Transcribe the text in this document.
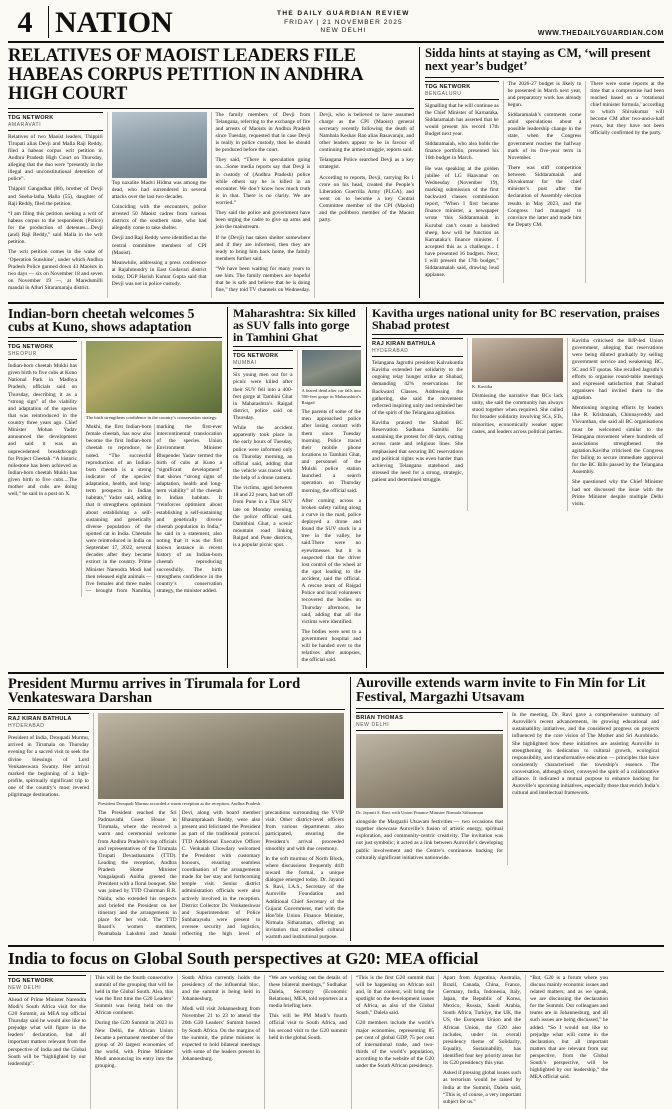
4 NATION	THE DAILY GUARDIAN REVIEW
FRIDAY | 21 NOVEMBER 2025
NEW DELHI	WWW.THEDAILYGUARDIAN.COM
RELATIVES OF MAOIST LEADERS FILE HABEAS CORPUS PETITION IN ANDHRA HIGH COURT
TDG NETWORK
AMARAVATI

Relatives of two Maoist leaders, Thippiri Tirupati alias Devji and Malla Raji Reddy, filed a habeas corpus writ petition in Andhra Pradesh High Court on Thursday, alleging that the duo were “presently in the illegal and unconstitutional detention of police”.

Thippiri Gangadhar (88), brother of Devji and Sneha-latha Malla (55), daughter of Raji Reddy, filed the petition.

“I am filing this petition seeking a writ of habeas corpus to the respondents (Police) for the production of detenues....Devji (and) Raji Reddy,” said Malla in the writ petition.

The writ petition comes in the wake of ‘Operation Sunshine’, under which Andhra Pradesh Police gunned down 43 Maoists in two days — six on November 18 and seven on November 19 —, at Maredumilli mandal in Alluri Sitaramaraju district.

Top naxalite Madvi Hidma was among the dead, who had surrendered in several attacks over the last two decades.

Coinciding with the encounters, police arrested 50 Maoist cadres from various districts of the southern state, who had allegedly come to take shelter.

Devji and Raji Reddy were identified as the central committee members of CPI (Maoist).

Meanwhile, addressing a press conference at Rajahmundry in East Godavari district today, DGP Harish Kumar Gupta said that Devji was not in police custody.

The family members of Devji from Telangana, referring to the exchange of fire and arrests of Maoists in Andhra Pradesh since Tuesday, requested that in case Devji is really in police custody, then he should be produced before the court.

They said, “There is speculation going on....Some media reports say that Devji is in custody of (Andhra Pradesh) police while others say he is killed in an encounter. We don’t know how much truth is in that. There is no clarity. We are worried.”

They said the police and government have been urging the cadre to give up arms and join the mainstream.

If he (Devji) has taken shelter somewhere and if they are informed, then they are ready to bring him back home, the family members further said.

“We have been waiting for many years to see him. The family members are hopeful that he is safe and believe that he is doing fine,” they told TV channels on Wednesday.

Devji, who is believed to have assumed charge as the CPI (Maoist) general secretary recently following the death of Nambala Keshav Rao alias Basavaraju, and other leaders appear to be in favour of continuing the armed struggle, reports said.

Telangana Police searched Devji as a key strategist.

According to reports, Devji, carrying Rs 1 crore on his head, created the People’s Liberation Guerrilla Army (PLGA), and went on to become a key Central Committee member of the CPI (Maoist) and the politburo member of the Maoist party.

Sidda hints at staying as CM, ‘will present next year’s budget’
TDG NETWORK
BENGALURU

Signalling that he will continue as the Chief Minister of Karnataka, Siddaramaiah has asserted that he would present his record 17th Budget next year.

Siddaramaiah, who also holds the finance portfolio, presented his 16th budget in March.

He was speaking at the golden jubilee of LG Haavanur on Wednesday (November 19), marking submission of the first backward classes commission report, “When I first became finance minister, a newspaper wrote ‘this Siddaramaiah in Kurubal can’t count a hundred sheep, how will he function as Karnataka’s finance minister. I accepted this as a challenge... I have presented 16 budgets. Next, I will present the 17th budget,” Siddaramaiah said, drawing loud applause.

The 2026-27 budget is likely to be presented in March next year, and preparatory work has already begun.

Siddaramaiah’s comments come amid speculations about a possible leadership change in the state, when the Congress government reaches the halfway mark of its five-year term in November.

There was stiff competition between Siddaramaiah and Shivakumar for the chief minister’s post after the declaration of Assembly election results in May 2023, and the Congress had managed to convince the latter and made him the Deputy CM.

There were some reports at the time that a compromise had been reached based on a ‘rotational chief minister formula,’ according to which Shivakumar will become CM after two-and-a-half years, but they have not been officially confirmed by the party.

Indian-born cheetah welcomes 5 cubs at Kuno, shows adaptation
TDG NETWORK
SHEOPUR

Indian-born cheetah Mukhi has given birth to five cubs at Kuno National Park in Madhya Pradesh, officials said on Thursday, describing it as a “strong sign” of the viability and adaptation of the species that was reintroduced in the country three years ago. Chief Minister Mohan Yadav announced the development and said it was an unprecedented breakthrough for Project Cheetah. “A historic milestone has been achieved as Indian-born cheetah Mukhi has given birth to five cubs....The mother and cubs are doing well,” he said in a post on X.

The birth strengthens confidence in the country’s conservation strategy.

Mukhi, the first Indian-born female cheetah, has now also become the first Indian-born cheetah to reproduce, he noted. “The successful reproduction of an Indian-born cheetah is a strong indicator of the species’ adaptation, health, and long-term prospects in Indian habitats,” Yadav said, adding that it strengthens optimism about establishing a self-sustaining and genetically diverse population of the spotted cat in India. Cheetahs were reintroduced in India on September 17, 2022, several decades after they became extinct in the country. Prime Minister Narendra Modi had then released eight animals — five females and three males — brought from Namibia, marking the first-ever intercontinental translocation of the species. Union Environment Minister Bhupender Yadav termed the birth of cubs at Kuno a “significant development” that shows “strong signs of adaptation, health and long-term viability” of the cheetah in Indian habitats. It “reinforces optimism about establishing a self-sustaining and genetically diverse cheetah population in India,” he said in a statement, also noting that it was the first known instance in recent history of an Indian-born cheetah reproducing successfully. The birth strengthens confidence in the country’s conservation strategy, the minister added.

Maharashtra: Six killed as SUV falls into gorge in Tamhini Ghat
TDG NETWORK
MUMBAI

Six young men out for a picnic were killed after their SUV fell into a 400-feet gorge at Tamhini Ghat in Maharashtra’s Raigad district, police said on Thursday.

While the accident apparently took place in the early hours of Tuesday, police were informed only on Thursday morning, an official said, adding that the vehicle was traced with the help of a drone camera.

The victims, aged between 18 and 22 years, had set off from Pune in a Thar SUV late on Monday evening, the police official said. Dambhini Ghat, a scenic mountain road linking Raigad and Pune districts, is a popular picnic spot.

A feared dead after car falls into 500-feet gorge in Maharashtra’s Raigad

The parents of some of the men approached police after losing contact with them since Tuesday morning. Police traced their mobile phone locations to Tamhini Ghat, and personnel of the Mulshi police station launched a search operation on Thursday morning, the official said.

After coming across a broken safety railing along a curve in the road, police deployed a drone and found the SUV stuck in a tree in the valley, he said.There were no eyewitnesses but it is suspected that the driver lost control of the wheel at the spot leading to the accident, said the official. A rescue team of Raigad Police and local volunteers recovered the bodies on Thursday afternoon, he said, adding that all the victims were identified.

The bodies were sent to a government hospital and will be handed over to the relatives after autopsies, the official said.

Kavitha urges national unity for BC reservation, praises Shabad protest
RAJ KIRAN BATHULA
HYDERABAD

Telangana Jagruthi president Kalvakuntla Kavitha extended her solidarity to the ongoing relay hunger strike at Shabad, demanding 42% reservations for Backward Classes. Addressing the gathering, she said the movement reflected inspiring unity and reminded her of the spirit of the Telangana agitation.

Kavitha praised the Shabad BC Reservation Sadhana Samithi for sustaining the protest for 40 days, cutting across caste and religious lines. She emphasised that securing BC reservations and political rights was even harder than achieving Telangana statehood and stressed the need for a strong, strategic, patient and determined struggle.

K. Kavitha

Dismissing the narrative that BCs lack unity, she said the community has always stood together when required. She called for broader solidarity involving SCs, STs, minorities, economically weaker upper castes, and leaders across political parties.

Kavitha criticised the BJP-led Union government, alleging that reservations were being diluted gradually by selling government service and weakening BC, SC and ST quotas. She recalled Jagruthi’s efforts to organise round-table meetings and expressed satisfaction that Shabad organisers had invited them to the agitation.

Mentioning ongoing efforts by leaders like R. Krishnaiah, Chinnayreddy and Visvanthan, she said all BC organisations must be welcomed similar to the Telangana movement where hundreds of associations strengthened the agitation.Kavitha criticised the Congress for failing to secure immediate approval for the BC Bills passed by the Telangana Assembly.

She questioned why the Chief Minister had not discussed the issue with the Prime Minister despite multiple Delhi visits.

President Murmu arrives in Tirumala for Lord Venkateswara Darshan
RAJ KIRAN BATHULA
HYDERABAD

President of India, Droupadi Murmu, arrived in Tirumala on Thursday evening for a sacred visit to seek the divine blessings of Lord Venkateswara Swamy. Her arrival marked the beginning of a high-profile, spiritually significant trip to one of the country’s most revered pilgrimage destinations.

President Droupadi Murmu accorded a warm reception at the reception, Andhra Pradesh

The President reached the Sri Padmavathi Guest House in Tirumala, where she received a warm and ceremonial welcome from Andhra Pradesh’s top officials and representatives of the Tirumala Tirupati Devasthanams (TTD). Leading the reception, Andhra Pradesh Home Minister Vangalapudi Anitha greeted the President with a floral bouquet. She was joined by TTD Chairman B.R. Naidu, who extended his respects and briefed the President on her itinerary and the arrangements in place for her visit. The TTD Board’s women members, Peamabala Lakshmi and Janaki Devi, along with board member Bhaumprakash Reddy, were also present and felicitated the President as part of the traditional protocol. TTD Additional Executive Officer C. Venkaiah Chowdary welcomed the President with customary honours, ensuring seamless coordination of the arrangements made for her stay and forthcoming temple visit. Senior district administration officials were also actively involved in the reception. District Collector Dr. Venkateshwar and Superintendent of Police Subharayudu were present to oversee security and logistics, reflecting the high level of precautions surrounding the VVIP visit. Other district-level officers from various departments also participated, ensuring the President’s arrival proceeded smoothly and with due ceremony.

In the soft murmur of North Block, where discussions frequently drift toward the formal, a unique dialogue emerged today. Dr. Jayanti S. Ravi, I.A.S., Secretary of the Auroville Foundation and Additional Chief Secretary of the Gujarat Government, met with the Hon’ble Union Finance Minister, Nirmala Sitharaman, offering an invitation that embodied cultural warmth and institutional purpose.

Auroville extends warm invite to Fin Min for Lit Festival, Margazhi Utsavam
BRIAN THOMAS
NEW DELHI
Dr. Jayanti S. Ravi with Union Finance Minister Nirmala Sitharaman

alongside the Margazhi Utsavam festivities — two occasions that together showcase Auroville’s fusion of artistic energy, spiritual exploration, and community-centric creativity. The invitation was not just symbolic; it acted as a link between Auroville’s developing public involvement and the Centre’s continuous backing for culturally significant initiatives nationwide.

In the meeting, Dr. Ravi gave a comprehensive summary of Auroville’s recent advancements, its growing educational and sustainability initiatives, and the considered progress on projects influenced by the core vision of The Mother and Sri Aurobindo. She highlighted how these initiatives are assisting Auroville in strengthening its dedication to cultural growth, ecological responsibility, and transformative education — principles that have consistently characterised the township’s essence. The conversation, although short, conveyed the spirit of a collaborative alliance. It indicated a mutual purpose to enhance backing for Auroville’s upcoming initiatives, especially those that enrich India’s cultural and intellectual framework.

India to focus on Global South perspectives at G20: MEA official
TDG NETWORK
NEW DELHI

Ahead of Prime Minister Narendra Modi’s South Africa visit for the G20 Summit, an MEA top official Thursday said he would also like to prejudge what will figure in the leaders’ declaration, but all important matters relevant from the perspective of India and the Global South will be “highlighted by our leadership”.

This will be the fourth consecutive summit of the grouping that will be held in the Global South. Also, this was the first time the G20 Leaders’ Summit was being held on the African continent.

During the G20 Summit in 2023 in New Delhi, the African Union became a permanent member of the group of 20 largest economies of the world, with Prime Minister Modi announcing its entry into the grouping.

South Africa currently holds the presidency of the influential bloc, and the summit is being held in Johannesburg.

Modi will visit Johannesburg from November 21 to 23 to attend the 20th G20 Leaders’ Summit hosted by South Africa. On the margins of the summit, the prime minister is expected to hold bilateral meetings with some of the leaders present in Johannesburg.

“We are working out the details of these bilateral meetings,” Sudhakar Dalela, Secretary (Economic Relations), MEA, told reporters at a media briefing here.

This will be PM Modi’s fourth official visit to South Africa, and his second visit to the G20 summit held in the global South.

“This is the first G20 summit that will be happening on African soil and, in that context, will bring the spotlight on the development issues of Africa, as also of the Global South,” Dalela said.

G20 members include the world’s major economies, representing 85 per cent of global GDP, 75 per cent of international trade, and two-thirds of the world’s population, according to the website of the G20 under the South African presidency.

Apart from Argentina, Australia, Brazil, Canada, China, France, Germany, India, Indonesia, Italy, Japan, the Republic of Korea, Mexico, Russia, Saudi Arabia, South Africa, Turkiye, the UK, the US, the European Union and the African Union, the G20 also includes, under its overall presidency theme of Solidarity, Equality, Sustainability, has identified four key priority areas for its G20 presidency this year.

Asked if pressing global issues such as terrorism would be raised by India at the Summit, Dalela said, “This is, of course, a very important subject for us.”

“But, G20 is a forum where you discuss mainly economic issues and related matters; and as we speak, we are discussing the declaration for the Summit. Our colleagues and teams are in Johannesburg, and all such issues are being discussed,” he added. “So I would not like to prejudge what will come in the declaration, but all important matters that are relevant from our perspective, from the Global South’s perspective, will be highlighted by our leadership,” the MEA official said.
